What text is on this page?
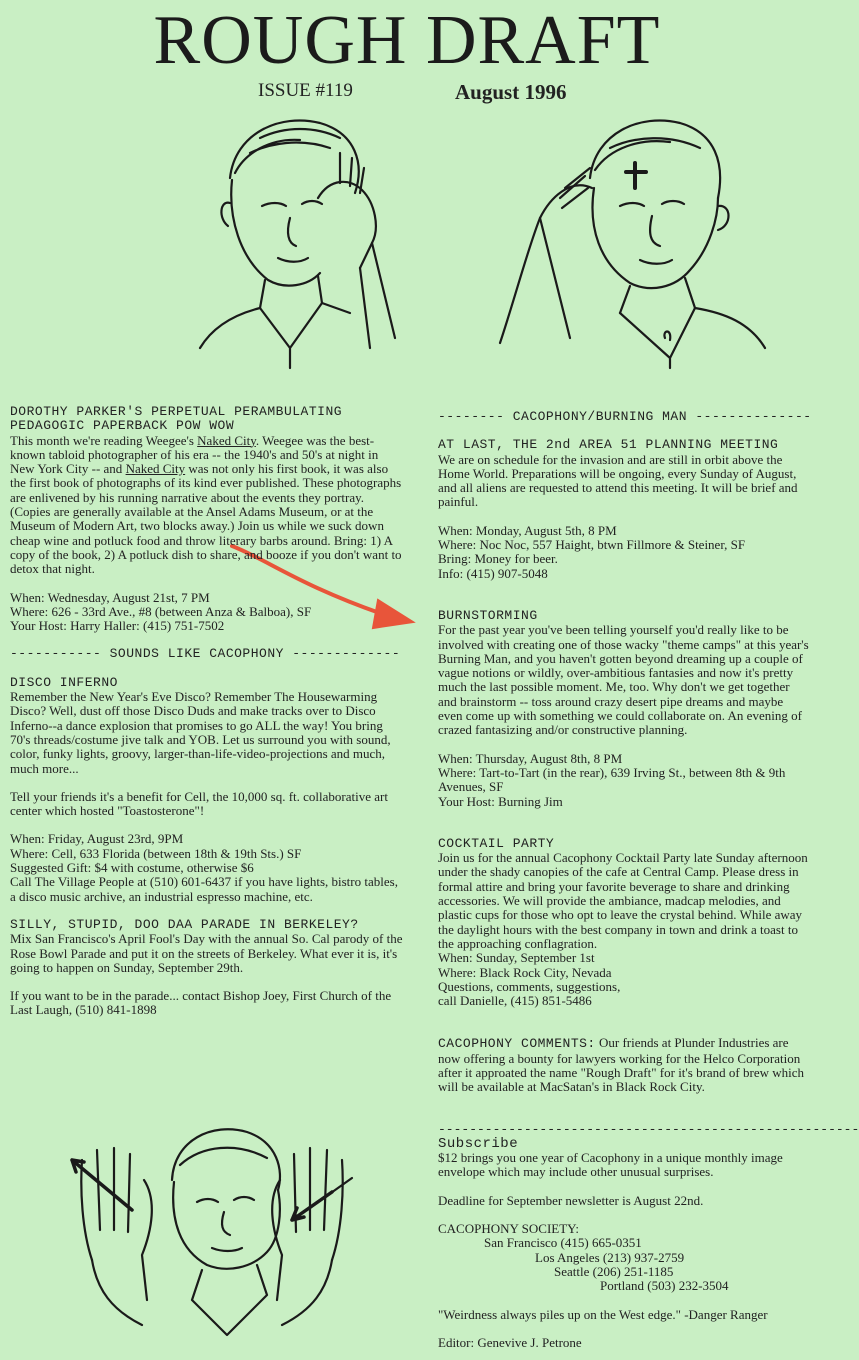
ROUGH DRAFT
ISSUE #119	August 1996
DOROTHY PARKER'S PERPETUAL PERAMBULATING
PEDAGOGIC PAPERBACK POW WOW

This month we're reading Weegee's Naked City. Weegee was the best-known tabloid photographer of his era -- the 1940's and 50's at night in New York City -- and Naked City was not only his first book, it was also the first book of photographs of its kind ever published. These photographs are enlivened by his running narrative about the events they portray. (Copies are generally available at the Ansel Adams Museum, or at the Museum of Modern Art, two blocks away.) Join us while we suck down cheap wine and potluck food and throw literary barbs around. Bring: 1) A copy of the book, 2) A potluck dish to share, and booze if you don't want to detox that night.

When: Wednesday, August 21st, 7 PM

Where: 626 - 33rd Ave., #8 (between Anza & Balboa), SF

Your Host: Harry Haller: (415) 751-7502

----------- SOUNDS LIKE CACOPHONY -------------
DISCO INFERNO

Remember the New Year's Eve Disco? Remember The Housewarming Disco? Well, dust off those Disco Duds and make tracks over to Disco Inferno--a dance explosion that promises to go ALL the way! You bring 70's threads/costume jive talk and YOB. Let us surround you with sound, color, funky lights, groovy, larger-than-life-video-projections and much, much more...

Tell your friends it's a benefit for Cell, the 10,000 sq. ft. collaborative art center which hosted "Toastosterone"!

When: Friday, August 23rd, 9PM

Where: Cell, 633 Florida (between 18th & 19th Sts.) SF

Suggested Gift: $4 with costume, otherwise $6

Call The Village People at (510) 601-6437 if you have lights, bistro tables, a disco music archive, an industrial espresso machine, etc.

SILLY, STUPID, DOO DAA PARADE IN BERKELEY?

Mix San Francisco's April Fool's Day with the annual So. Cal parody of the Rose Bowl Parade and put it on the streets of Berkeley. What ever it is, it's going to happen on Sunday, September 29th.

If you want to be in the parade... contact Bishop Joey, First Church of the Last Laugh, (510) 841-1898

-------- CACOPHONY/BURNING MAN --------------
AT LAST, THE 2nd AREA 51 PLANNING MEETING

We are on schedule for the invasion and are still in orbit above the Home World. Preparations will be ongoing, every Sunday of August, and all aliens are requested to attend this meeting. It will be brief and painful.

When: Monday, August 5th, 8 PM

Where: Noc Noc, 557 Haight, btwn Fillmore & Steiner, SF

Bring: Money for beer.

Info: (415) 907-5048

BURNSTORMING

For the past year you've been telling yourself you'd really like to be involved with creating one of those wacky "theme camps" at this year's Burning Man, and you haven't gotten beyond dreaming up a couple of vague notions or wildly, over-ambitious fantasies and now it's pretty much the last possible moment. Me, too. Why don't we get together and brainstorm -- toss around crazy desert pipe dreams and maybe even come up with something we could collaborate on. An evening of crazed fantasizing and/or constructive planning.

When: Thursday, August 8th, 8 PM

Where: Tart-to-Tart (in the rear), 639 Irving St., between 8th & 9th Avenues, SF

Your Host: Burning Jim

COCKTAIL PARTY

Join us for the annual Cacophony Cocktail Party late Sunday afternoon under the shady canopies of the cafe at Central Camp. Please dress in formal attire and bring your favorite beverage to share and drinking accessories. We will provide the ambiance, madcap melodies, and plastic cups for those who opt to leave the crystal behind. While away the daylight hours with the best company in town and drink a toast to the approaching conflagration.

When: Sunday, September 1st

Where: Black Rock City, Nevada

Questions, comments, suggestions,

call Danielle, (415) 851-5486

CACOPHONY COMMENTS: Our friends at Plunder Industries are now offering a bounty for lawyers working for the Helco Corporation after it approated the name "Rough Draft" for it's brand of brew which will be available at MacSatan's in Black Rock City.

------------------------------------------------------
Subscribe

$12 brings you one year of Cacophony in a unique monthly image envelope which may include other unusual surprises.

Deadline for September newsletter is August 22nd.

CACOPHONY SOCIETY:

San Francisco (415) 665-0351

Los Angeles (213) 937-2759

Seattle (206) 251-1185

Portland (503) 232-3504

"Weirdness always piles up on the West edge." -Danger Ranger

Editor: Genevive J. Petrone
